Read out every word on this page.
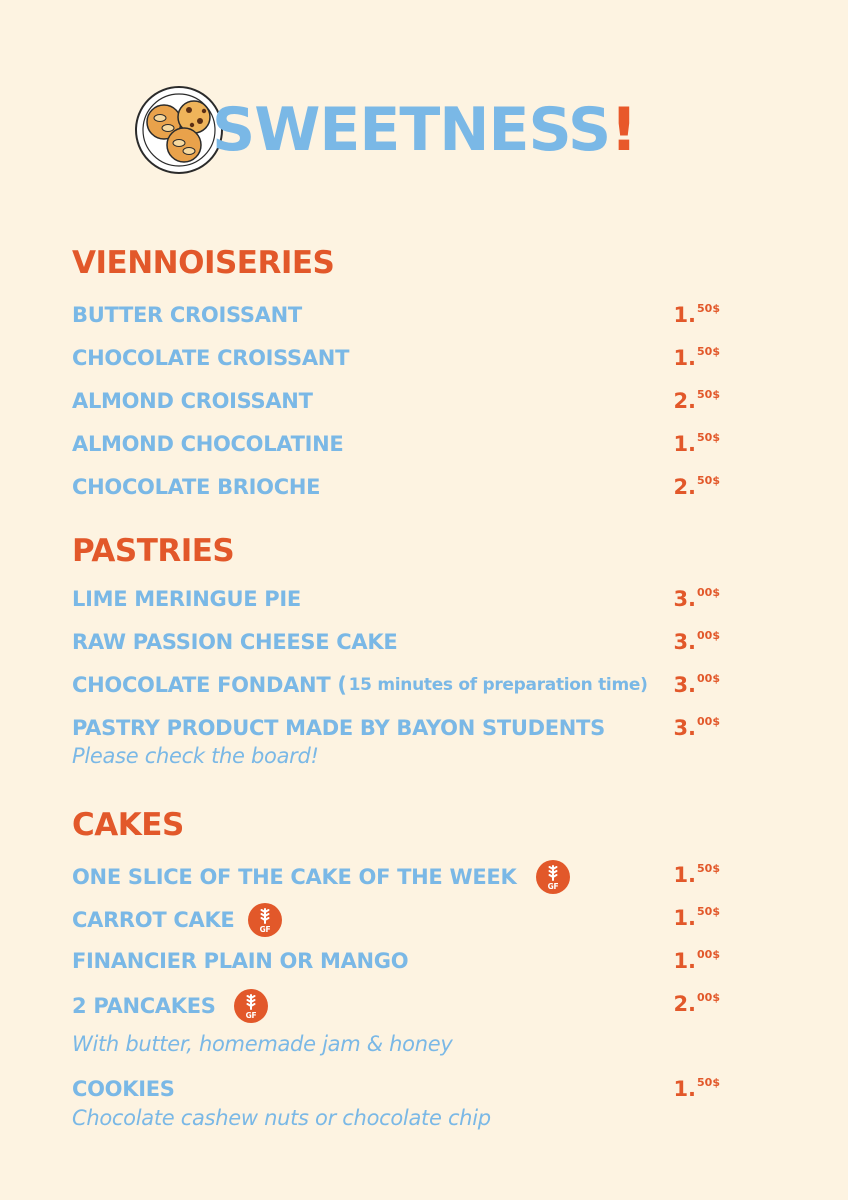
SWEETNESS!
VIENNOISERIES
BUTTER CROISSANT	1.$^{50\$}$
CHOCOLATE CROISSANT	1.$^{50\$}$
ALMOND CROISSANT	2.$^{50\$}$
ALMOND CHOCOLATINE	1.$^{50\$}$
CHOCOLATE BRIOCHE	2.$^{50\$}$
PASTRIES
LIME MERINGUE PIE	3.$^{00\$}$
RAW PASSION CHEESE CAKE	3.$^{00\$}$
CHOCOLATE FONDANT ( 15 minutes of preparation time) 3.$^{00\$}$
PASTRY PRODUCT MADE BY BAYON STUDENTS	3.$^{00\$}$
Please check the board!
CAKES
ONE SLICE OF THE CAKE OF THE WEEK	GF	1.$^{50\$}$
CARROT CAKE	GF	1.$^{50\$}$
FINANCIER PLAIN OR MANGO	1.$^{00\$}$
2 PANCAKES	GF	2.$^{00\$}$
With butter, homemade jam & honey
COOKIES	1.$^{50\$}$
Chocolate cashew nuts or chocolate chip
